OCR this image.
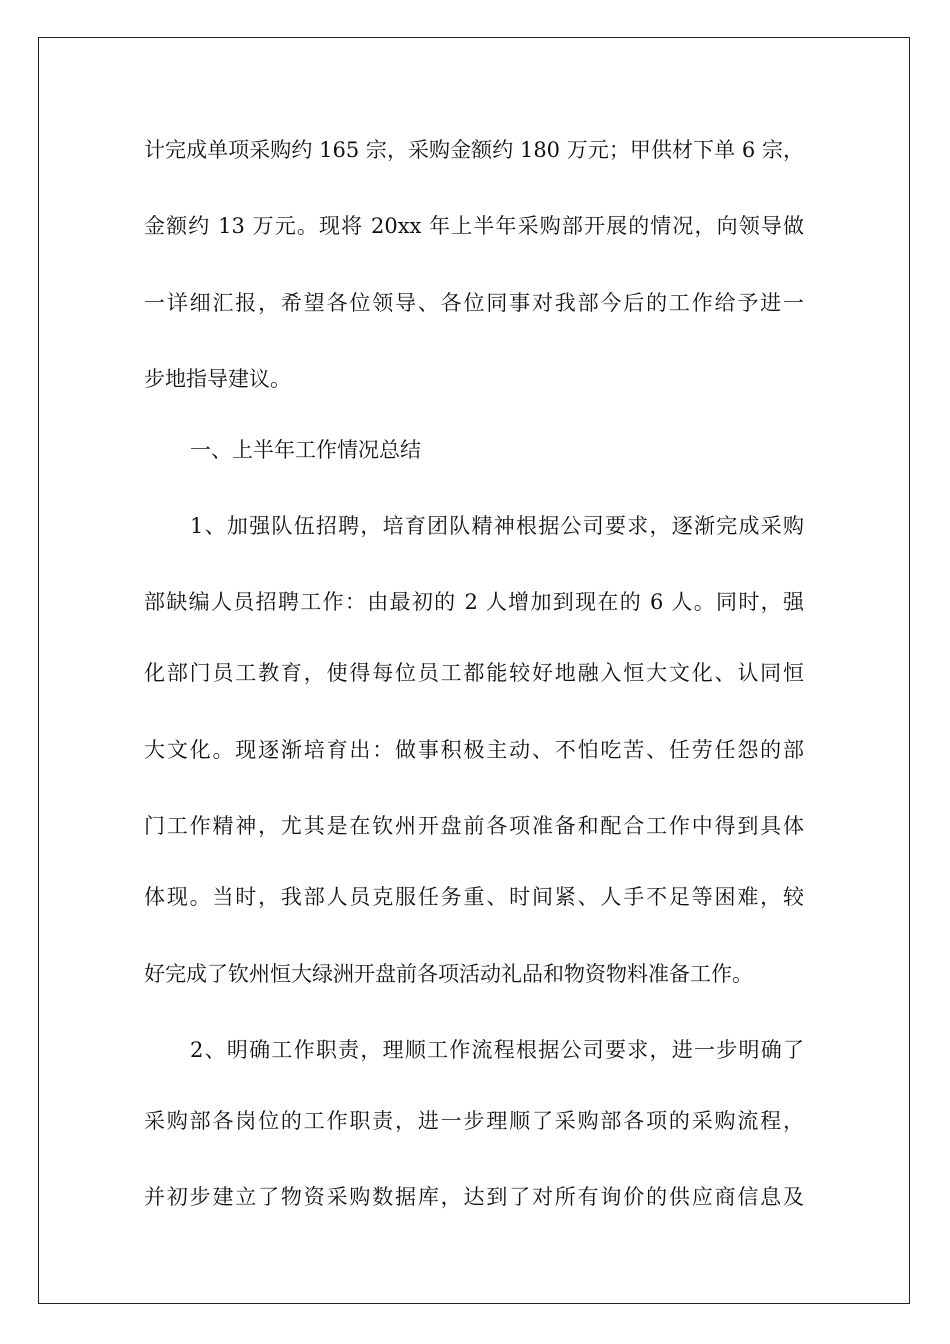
计完成单项采购约 165 宗，采购金额约 180 万元；甲供材下单 6 宗，
金额约 13 万元。现将 20xx 年上半年采购部开展的情况，向领导做
一详细汇报，希望各位领导、各位同事对我部今后的工作给予进一
步地指导建议。
一、上半年工作情况总结
1、加强队伍招聘，培育团队精神根据公司要求，逐渐完成采购
部缺编人员招聘工作：由最初的 2 人增加到现在的 6 人。同时，强
化部门员工教育，使得每位员工都能较好地融入恒大文化、认同恒
大文化。现逐渐培育出：做事积极主动、不怕吃苦、任劳任怨的部
门工作精神，尤其是在钦州开盘前各项准备和配合工作中得到具体
体现。当时，我部人员克服任务重、时间紧、人手不足等困难，较
好完成了钦州恒大绿洲开盘前各项活动礼品和物资物料准备工作。
2、明确工作职责，理顺工作流程根据公司要求，进一步明确了
采购部各岗位的工作职责，进一步理顺了采购部各项的采购流程，
并初步建立了物资采购数据库，达到了对所有询价的供应商信息及
